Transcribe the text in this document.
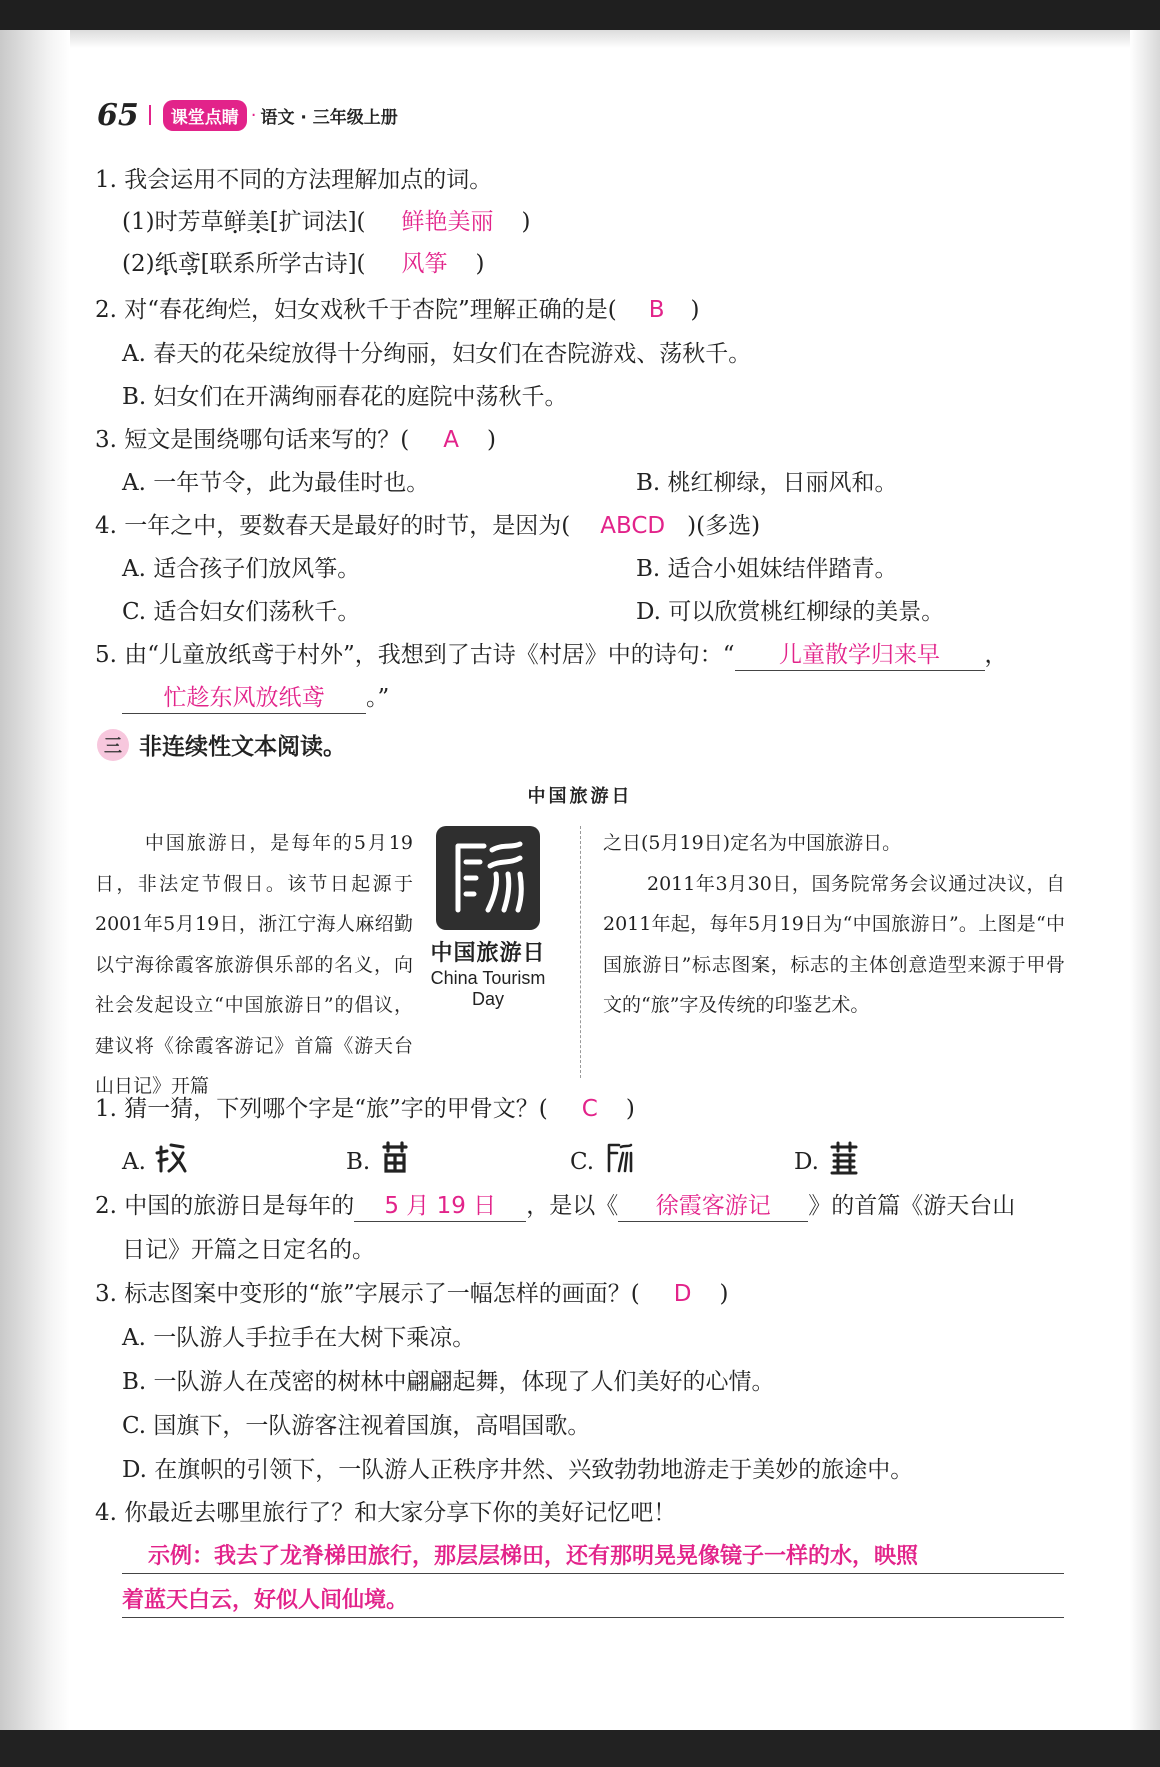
65	课堂点睛 · 语文 · 三年级上册
1. 我会运用不同的方法理解加点的词。
(1)时芳草鲜美[扩词法]( 鲜艳美丽 )
(2)纸鸢[联系所学古诗]( 风筝 )
2. 对“春花绚烂，妇女戏秋千于杏院”理解正确的是( B )
A. 春天的花朵绽放得十分绚丽，妇女们在杏院游戏、荡秋千。
B. 妇女们在开满绚丽春花的庭院中荡秋千。
3. 短文是围绕哪句话来写的？( A )
A. 一年节令，此为最佳时也。	B. 桃红柳绿，日丽风和。
4. 一年之中，要数春天是最好的时节，是因为( ABCD )(多选)
A. 适合孩子们放风筝。	B. 适合小姐妹结伴踏青。
C. 适合妇女们荡秋千。	D. 可以欣赏桃红柳绿的美景。
5. 由“儿童放纸鸢于村外”，我想到了古诗《村居》中的诗句：“ 儿童散学归来早 ，
忙趁东风放纸鸢 。”
三 非连续性文本阅读。
中国旅游日
中国旅游日，是每年的5月19日，非法定节假日。该节日起源于2001年5月19日，浙江宁海人麻绍勤以宁海徐霞客旅游俱乐部的名义，向社会发起设立“中国旅游日”的倡议，建议将《徐霞客游记》首篇《游天台山日记》开篇
中国旅游日
China Tourism Day
之日(5月19日)定名为中国旅游日。
2011年3月30日，国务院常务会议通过决议，自2011年起，每年5月19日为“中国旅游日”。上图是“中国旅游日”标志图案，标志的主体创意造型来源于甲骨文的“旅”字及传统的印鉴艺术。
1. 猜一猜，下列哪个字是“旅”字的甲骨文？( C )
A.	B.	C.	D.
2. 中国的旅游日是每年的 5 月 19 日 ，是以《 徐霞客游记 》的首篇《游天台山
日记》开篇之日定名的。
3. 标志图案中变形的“旅”字展示了一幅怎样的画面？( D )
A. 一队游人手拉手在大树下乘凉。
B. 一队游人在茂密的树林中翩翩起舞，体现了人们美好的心情。
C. 国旗下，一队游客注视着国旗，高唱国歌。
D. 在旗帜的引领下，一队游人正秩序井然、兴致勃勃地游走于美妙的旅途中。
4. 你最近去哪里旅行了？和大家分享下你的美好记忆吧！
示例：我去了龙脊梯田旅行，那层层梯田，还有那明晃晃像镜子一样的水，映照
着蓝天白云，好似人间仙境。
